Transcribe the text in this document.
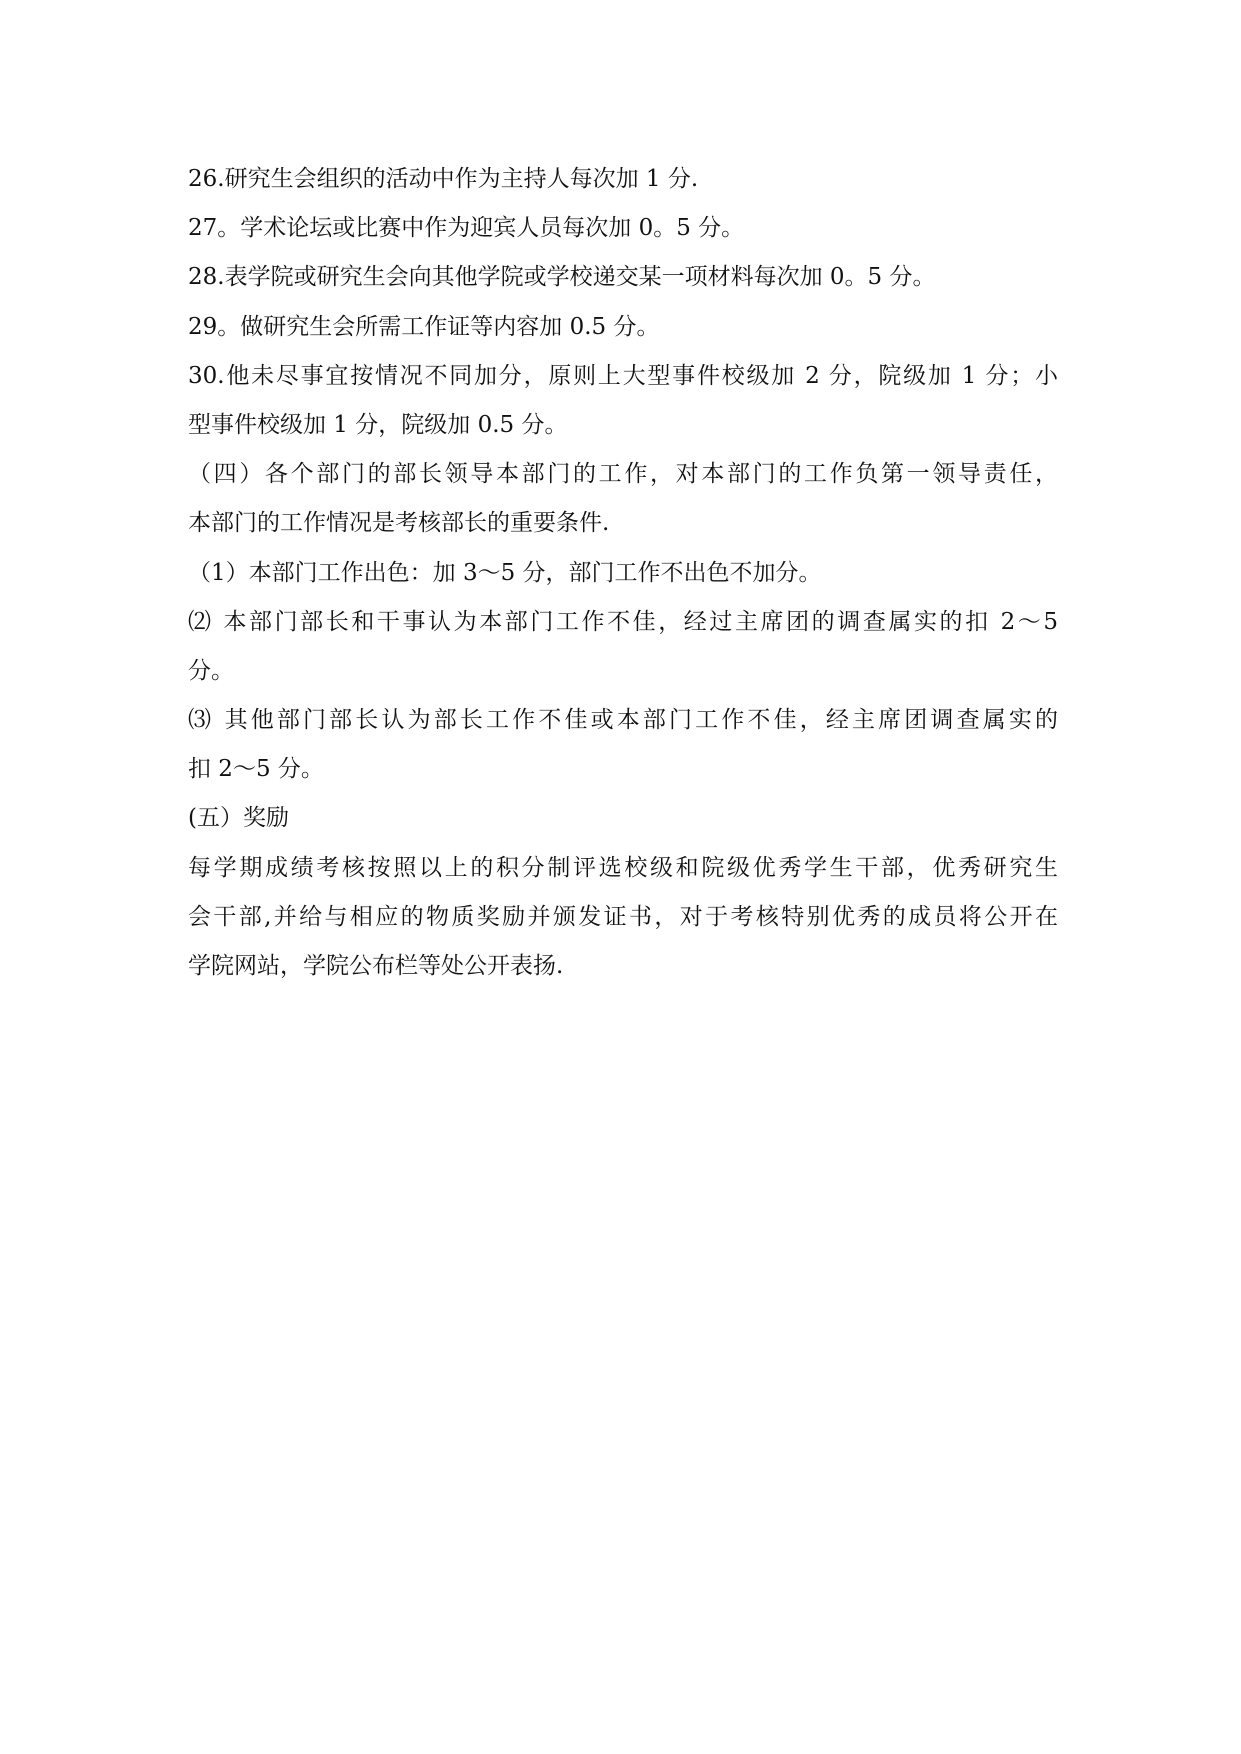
26.研究生会组织的活动中作为主持人每次加 1 分.
27。学术论坛或比赛中作为迎宾人员每次加 0。5 分。
28.表学院或研究生会向其他学院或学校递交某一项材料每次加 0。5 分。
29。做研究生会所需工作证等内容加 0.5 分。
30.他未尽事宜按情况不同加分，原则上大型事件校级加 2 分，院级加 1 分；小
型事件校级加 1 分，院级加 0.5 分。
（四）各个部门的部长领导本部门的工作，对本部门的工作负第一领导责任，
本部门的工作情况是考核部长的重要条件.
（1）本部门工作出色：加 3～5 分，部门工作不出色不加分。
⑵ 本部门部长和干事认为本部门工作不佳，经过主席团的调查属实的扣 2～5
分。
⑶ 其他部门部长认为部长工作不佳或本部门工作不佳，经主席团调查属实的
扣 2～5 分。
(五）奖励
每学期成绩考核按照以上的积分制评选校级和院级优秀学生干部，优秀研究生
会干部,并给与相应的物质奖励并颁发证书，对于考核特别优秀的成员将公开在
学院网站，学院公布栏等处公开表扬.
